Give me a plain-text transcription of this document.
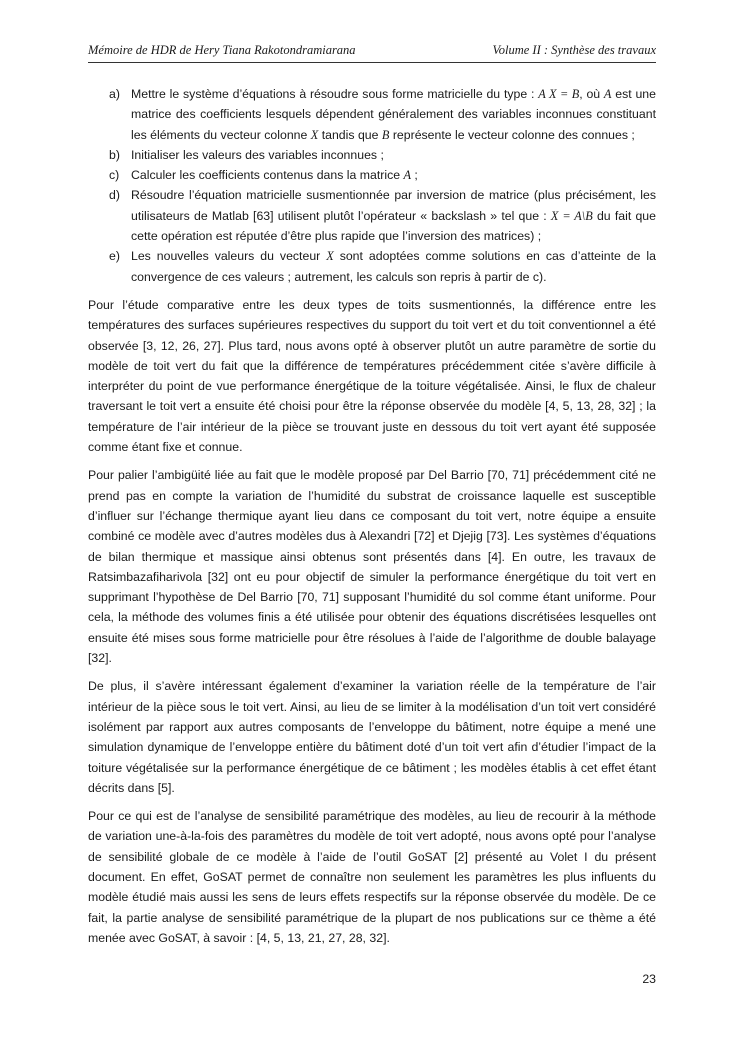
Mémoire de HDR de Hery Tiana Rakotondramiarana	Volume II : Synthèse des travaux
a) Mettre le système d’équations à résoudre sous forme matricielle du type : A X = B, où A est une matrice des coefficients lesquels dépendent généralement des variables inconnues constituant les éléments du vecteur colonne X tandis que B représente le vecteur colonne des connues ;
b) Initialiser les valeurs des variables inconnues ;
c) Calculer les coefficients contenus dans la matrice A ;
d) Résoudre l’équation matricielle susmentionnée par inversion de matrice (plus précisément, les utilisateurs de Matlab [63] utilisent plutôt l’opérateur « backslash » tel que : X = A\B du fait que cette opération est réputée d’être plus rapide que l’inversion des matrices) ;
e) Les nouvelles valeurs du vecteur X sont adoptées comme solutions en cas d’atteinte de la convergence de ces valeurs ; autrement, les calculs son repris à partir de c).

Pour l’étude comparative entre les deux types de toits susmentionnés, la différence entre les températures des surfaces supérieures respectives du support du toit vert et du toit conventionnel a été observée [3, 12, 26, 27]. Plus tard, nous avons opté à observer plutôt un autre paramètre de sortie du modèle de toit vert du fait que la différence de températures précédemment citée s’avère difficile à interpréter du point de vue performance énergétique de la toiture végétalisée. Ainsi, le flux de chaleur traversant le toit vert a ensuite été choisi pour être la réponse observée du modèle [4, 5, 13, 28, 32] ; la température de l’air intérieur de la pièce se trouvant juste en dessous du toit vert ayant été supposée comme étant fixe et connue.

Pour palier l’ambigüité liée au fait que le modèle proposé par Del Barrio [70, 71] précédemment cité ne prend pas en compte la variation de l’humidité du substrat de croissance laquelle est susceptible d’influer sur l’échange thermique ayant lieu dans ce composant du toit vert, notre équipe a ensuite combiné ce modèle avec d’autres modèles dus à Alexandri [72] et Djejig [73]. Les systèmes d’équations de bilan thermique et massique ainsi obtenus sont présentés dans [4]. En outre, les travaux de Ratsimbazafiharivola [32] ont eu pour objectif de simuler la performance énergétique du toit vert en supprimant l’hypothèse de Del Barrio [70, 71] supposant l’humidité du sol comme étant uniforme. Pour cela, la méthode des volumes finis a été utilisée pour obtenir des équations discrétisées lesquelles ont ensuite été mises sous forme matricielle pour être résolues à l’aide de l’algorithme de double balayage [32].

De plus, il s’avère intéressant également d’examiner la variation réelle de la température de l’air intérieur de la pièce sous le toit vert. Ainsi, au lieu de se limiter à la modélisation d’un toit vert considéré isolément par rapport aux autres composants de l’enveloppe du bâtiment, notre équipe a mené une simulation dynamique de l’enveloppe entière du bâtiment doté d’un toit vert afin d’étudier l’impact de la toiture végétalisée sur la performance énergétique de ce bâtiment ; les modèles établis à cet effet étant décrits dans [5].

Pour ce qui est de l’analyse de sensibilité paramétrique des modèles, au lieu de recourir à la méthode de variation une-à-la-fois des paramètres du modèle de toit vert adopté, nous avons opté pour l’analyse de sensibilité globale de ce modèle à l’aide de l’outil GoSAT [2] présenté au Volet I du présent document. En effet, GoSAT permet de connaître non seulement les paramètres les plus influents du modèle étudié mais aussi les sens de leurs effets respectifs sur la réponse observée du modèle. De ce fait, la partie analyse de sensibilité paramétrique de la plupart de nos publications sur ce thème a été menée avec GoSAT, à savoir : [4, 5, 13, 21, 27, 28, 32].

23
